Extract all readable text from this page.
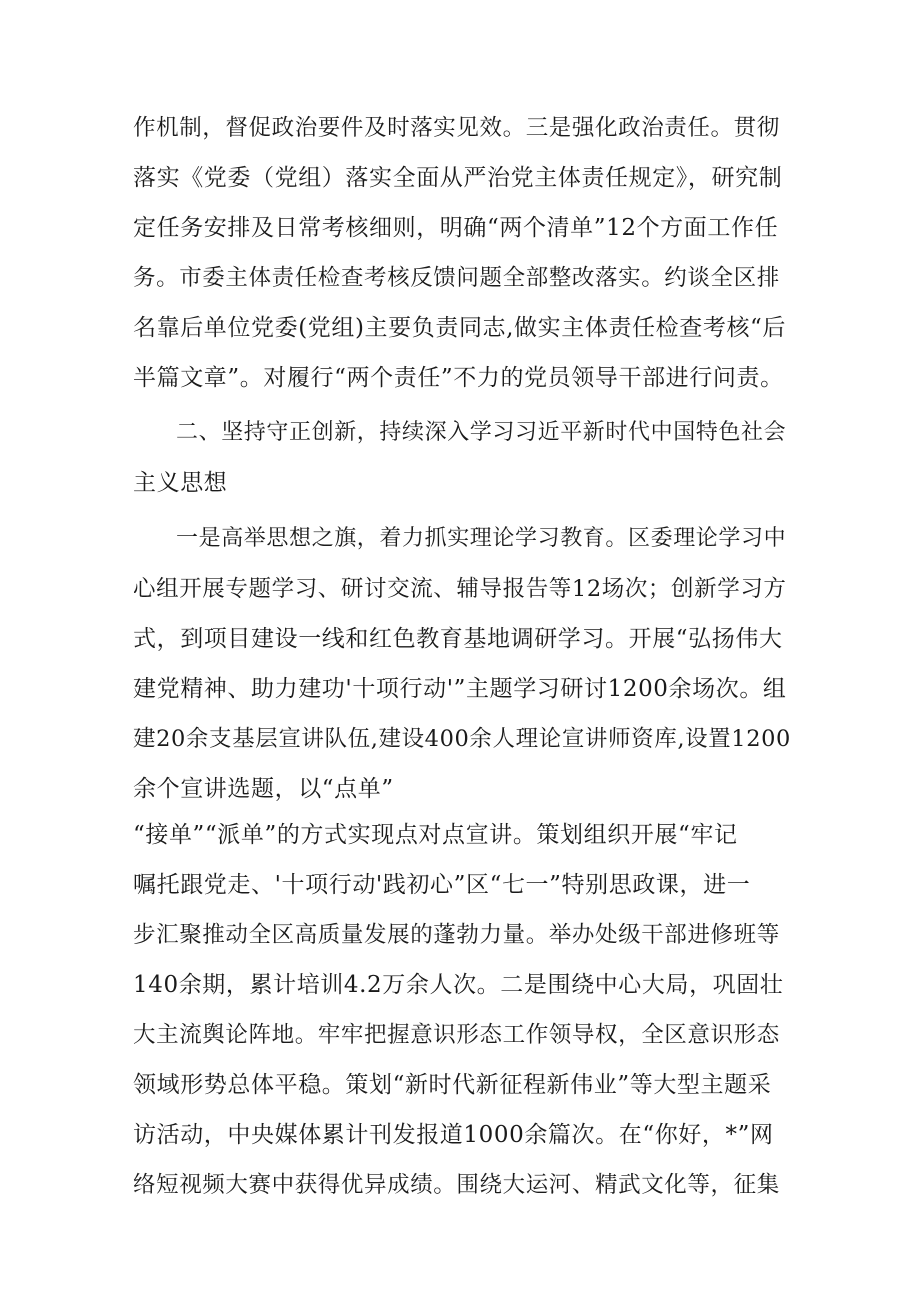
作机制，督促政治要件及时落实见效。三是强化政治责任。贯彻
落实《党委（党组）落实全面从严治党主体责任规定》，研究制
定任务安排及日常考核细则，明确“两个清单”12个方面工作任
务。市委主体责任检查考核反馈问题全部整改落实。约谈全区排
名靠后单位党委(党组)主要负责同志,做实主体责任检查考核“后
半篇文章”。对履行“两个责任”不力的党员领导干部进行问责。
二、坚持守正创新，持续深入学习习近平新时代中国特色社会
主义思想
一是高举思想之旗，着力抓实理论学习教育。区委理论学习中
心组开展专题学习、研讨交流、辅导报告等12场次；创新学习方
式，到项目建设一线和红色教育基地调研学习。开展“弘扬伟大
建党精神、助力建功'十项行动'”主题学习研讨1200余场次。组
建20余支基层宣讲队伍,建设400余人理论宣讲师资库,设置1200
余个宣讲选题，以“点单”
“接单”“派单”的方式实现点对点宣讲。策划组织开展“牢记
嘱托跟党走、'十项行动'践初心”区“七一”特别思政课，进一
步汇聚推动全区高质量发展的蓬勃力量。举办处级干部进修班等
140余期，累计培训4.2万余人次。二是围绕中心大局，巩固壮
大主流舆论阵地。牢牢把握意识形态工作领导权，全区意识形态
领域形势总体平稳。策划“新时代新征程新伟业”等大型主题采
访活动，中央媒体累计刊发报道1000余篇次。在“你好，*”网
络短视频大赛中获得优异成绩。围绕大运河、精武文化等，征集
